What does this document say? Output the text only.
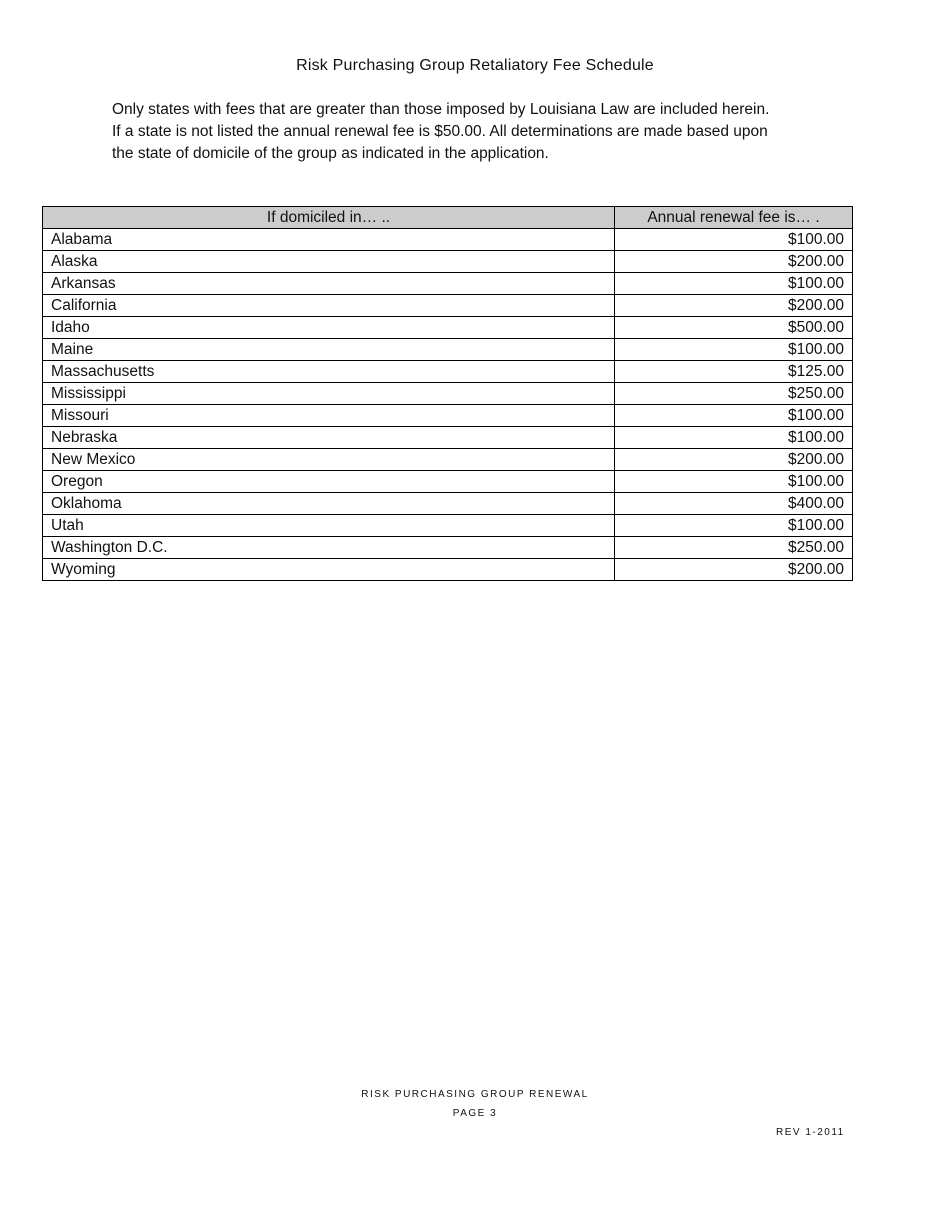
Risk Purchasing Group Retaliatory Fee Schedule
Only states with fees that are greater than those imposed by Louisiana Law are included herein.
If a state is not listed the annual renewal fee is $50.00. All determinations are made based upon
the state of domicile of the group as indicated in the application.
If domiciled in… ..	Annual renewal fee is… .
Alabama	$100.00
Alaska	$200.00
Arkansas	$100.00
California	$200.00
Idaho	$500.00
Maine	$100.00
Massachusetts	$125.00
Mississippi	$250.00
Missouri	$100.00
Nebraska	$100.00
New Mexico	$200.00
Oregon	$100.00
Oklahoma	$400.00
Utah	$100.00
Washington D.C.	$250.00
Wyoming	$200.00
RISK PURCHASING GROUP RENEWAL
PAGE 3
REV 1-2011
